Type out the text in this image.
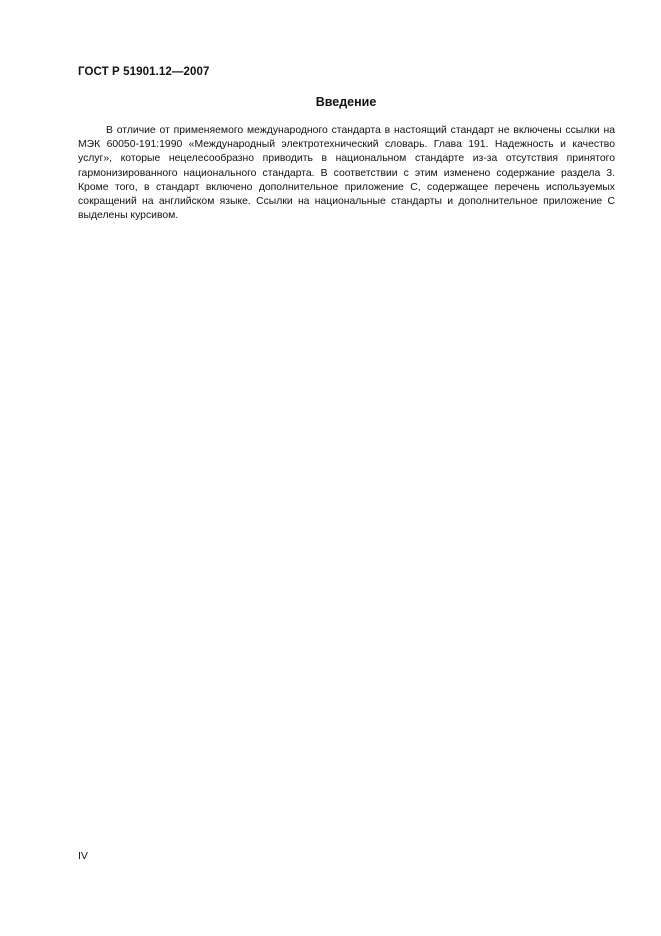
ГОСТ Р 51901.12—2007
Введение

В отличие от применяемого международного стандарта в настоящий стандарт не включены ссылки на МЭК 60050-191:1990 «Международный электротехнический словарь. Глава 191. Надежность и качество услуг», которые нецелесообразно приводить в национальном стандарте из-за отсутствия принятого гармонизированного национального стандарта. В соответствии с этим изменено содержание раздела 3. Кроме того, в стандарт включено дополнительное приложение C, содержащее перечень используемых сокращений на английском языке. Ссылки на национальные стандарты и дополнительное приложение C выделены курсивом.

IV
